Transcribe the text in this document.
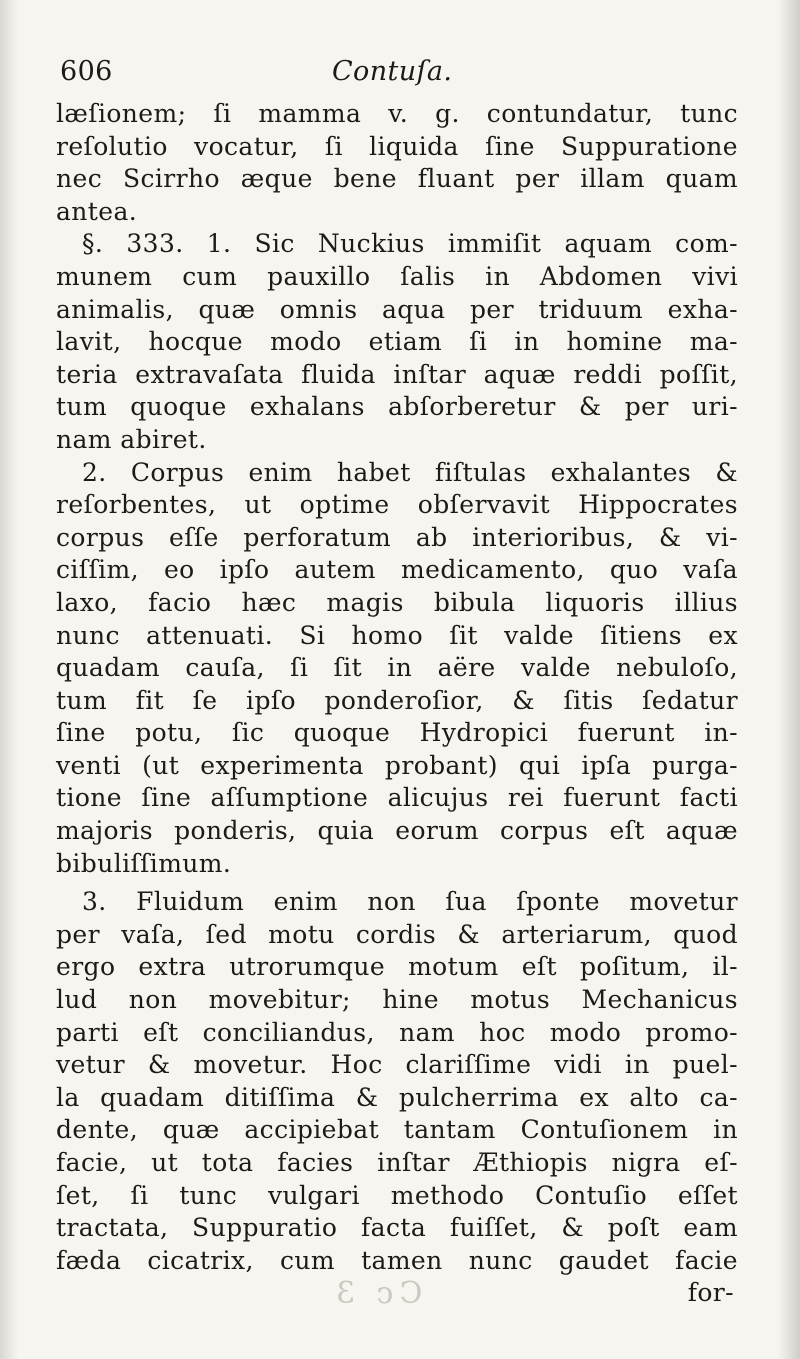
606	Contuſa.
læſionem; ſi mamma v. g. contundatur, tunc
reſolutio vocatur, ſi liquida ſine Suppuratione
nec Scirrho æque bene fluant per illam quam
antea.
§. 333. 1. Sic Nuckius immiſit aquam com-
munem cum pauxillo ſalis in Abdomen vivi
animalis, quæ omnis aqua per triduum exha-
lavit, hocque modo etiam ſi in homine ma-
teria extravaſata fluida inſtar aquæ reddi poſſit,
tum quoque exhalans abſorberetur & per uri-
nam abiret.
2. Corpus enim habet fiſtulas exhalantes &
reſorbentes, ut optime obſervavit Hippocrates
corpus eſſe perforatum ab interioribus, & vi-
ciſſim, eo ipſo autem medicamento, quo vaſa
laxo, facio hæc magis bibula liquoris illius
nunc attenuati. Si homo ſit valde ſitiens ex
quadam cauſa, ſi ſit in aëre valde nebuloſo,
tum fit ſe ipſo ponderoſior, & ſitis ſedatur
ſine potu, ſic quoque Hydropici fuerunt in-
venti (ut experimenta probant) qui ipſa purga-
tione ſine aſſumptione alicujus rei fuerunt facti
majoris ponderis, quia eorum corpus eſt aquæ
bibuliſſimum.
3. Fluidum enim non ſua ſponte movetur
per vaſa, ſed motu cordis & arteriarum, quod
ergo extra utrorumque motum eſt poſitum, il-
lud non movebitur; hine motus Mechanicus
parti eſt conciliandus, nam hoc modo promo-
vetur & movetur. Hoc clariſſime vidi in puel-
la quadam ditiſſima & pulcherrima ex alto ca-
dente, quæ accipiebat tantam Contuſionem in
facie, ut tota facies inſtar Æthiopis nigra eſ-
ſet, ſi tunc vulgari methodo Contuſio eſſet
tractata, Suppuratio facta fuiſſet, & poſt eam
fæda cicatrix, cum tamen nunc gaudet facie
for-
Cc 3
